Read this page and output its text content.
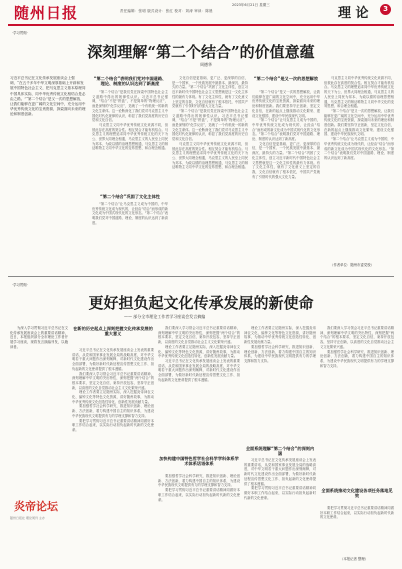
随州日报	2023年6月21日 星期三
责任编辑：张明 版式设计：张红 校对：刘涛 审读：陈晨	理 论	3
·学习贯彻·
深刻理解“第二个结合”的价值意蕴
周德华
习近平总书记在文化传承发展座谈会上强调，“在五千多年中华文明深厚基础上开辟和发展中国特色社会主义，把马克思主义基本原理同中国具体实际、同中华优秀传统文化相结合是必由之路。”“第二个结合”是又一次的思想解放，让我们能够在更广阔的文化空间中，充分运用中华优秀传统文化的宝贵资源，探索面向未来的理论和制度创新。
“第二个结合”表明我们党对中国道路、理论、制度的认识达到了新高度

“第二个结合”是我们党在探索中国特色社会主义道路中得出的规律性认识。习近平总书记强调，“结合”不是“拼盘”，不是简单的“物理反应”，而是深刻的“化学反应”，造就了一个有机统一的新的文化生命体。这一论断深化了我们党对马克思主义中国化时代化规律的认识，彰显了我们党高度的历史自觉和文化自信。

马克思主义同中华优秀传统文化来源不同，但彼此存在高度的契合性。相互契合才能有机结合。马克思主义的理想追求同中华优秀传统文化的天下为公、世界大同理念相通，马克思主义的人民至上同民为邦本、为政以德的治理思想相通，马克思主义的辩证唯物主义同中华文化的变易思想、和合理念相通。

“第二个结合”巩固了文化主体性

“第二个结合”让马克思主义成为中国的，中华优秀传统文化成为现代的，让经由“结合”而形成的新文化成为中国式现代化的文化形态。“第二个结合”表明我们党对中国道路、理论、制度的认识达到了新高度。

文化自信是更基础、更广泛、更深厚的自信，是一个国家、一个民族发展中最基本、最深沉、最持久的力量。“第二个结合”巩固了文化主体性，创立习近平新时代中国特色社会主义思想就是这一文化主体性的最有力体现。有了文化主体性，就有了文化意义上坚定的自我，文化自信就有了根本依托，中国共产党就有了引领时代的强大文化力量。

“第二个结合”是我们党在探索中国特色社会主义道路中得出的规律性认识。习近平总书记强调，“结合”不是“拼盘”，不是简单的“物理反应”，而是深刻的“化学反应”，造就了一个有机统一的新的文化生命体。这一论断深化了我们党对马克思主义中国化时代化规律的认识，彰显了我们党高度的历史自觉和文化自信。

马克思主义同中华优秀传统文化来源不同，但彼此存在高度的契合性。相互契合才能有机结合。马克思主义的理想追求同中华优秀传统文化的天下为公、世界大同理念相通，马克思主义的人民至上同民为邦本、为政以德的治理思想相通，马克思主义的辩证唯物主义同中华文化的变易思想、和合理念相通。

“第二个结合”是又一次的思想解放

“第二个结合”是又一次的思想解放，让我们能够在更广阔的文化空间中，充分运用中华优秀传统文化的宝贵资源，探索面向未来的理论和制度创新。我们要坚持守正创新，坚定文化自信，在新的起点上继续推动文化繁荣、建设文化强国、建设中华民族现代文明。

“第二个结合”让马克思主义成为中国的，中华优秀传统文化成为现代的，让经由“结合”而形成的新文化成为中国式现代化的文化形态。“第二个结合”表明我们党对中国道路、理论、制度的认识达到了新高度。

文化自信是更基础、更广泛、更深厚的自信，是一个国家、一个民族发展中最基本、最深沉、最持久的力量。“第二个结合”巩固了文化主体性，创立习近平新时代中国特色社会主义思想就是这一文化主体性的最有力体现。有了文化主体性，就有了文化意义上坚定的自我，文化自信就有了根本依托，中国共产党就有了引领时代的强大文化力量。

马克思主义同中华优秀传统文化来源不同，但彼此存在高度的契合性。相互契合才能有机结合。马克思主义的理想追求同中华优秀传统文化的天下为公、世界大同理念相通，马克思主义的人民至上同民为邦本、为政以德的治理思想相通，马克思主义的辩证唯物主义同中华文化的变易思想、和合理念相通。

“第二个结合”是又一次的思想解放，让我们能够在更广阔的文化空间中，充分运用中华优秀传统文化的宝贵资源，探索面向未来的理论和制度创新。我们要坚持守正创新，坚定文化自信，在新的起点上继续推动文化繁荣、建设文化强国、建设中华民族现代文明。

“第二个结合”让马克思主义成为中国的，中华优秀传统文化成为现代的，让经由“结合”而形成的新文化成为中国式现代化的文化形态。“第二个结合”表明我们党对中国道路、理论、制度的认识达到了新高度。

（作者单位：随州市委党校）
·学习贯彻·
更好担负起文化传承发展的新使命
—— 部分全市理论工作者学习座谈会发言摘编

为深入学习贯彻习近平总书记在文化传承发展座谈会上的重要讲话精神，近日，本报组织部分全市理论工作者开展学习座谈，现将发言摘编刊发，以飨读者。

炎帝论坛
随州日报社 理论周刊 主办
在新的历史起点上深刻把握文化传承发展的重大意义

习近平总书记在文化传承发展座谈会上发表的重要讲话，从党和国家事业发展全局的战略高度，对中华文明若干重大问题作出深刻阐释，对新时代文化建设作出全面部署，为做好新时代新征程宣传思想文化工作、担负起新的文化使命提供了根本遵循。

我们要深入学习领会习近平总书记重要讲话精神，深刻理解中华文明的突出特性，深刻把握“两个结合”的根本要求，坚定文化自信，秉持开放包容，坚持守正创新，以高度的文化自觉推动社会主义文化繁荣兴盛。

理论工作者要立足随州实际，深入挖掘炎帝神农文化、编钟文化等特色文化资源，讲好随州故事，为推动中华优秀传统文化创造性转化、创新性发展贡献力量。

要加强哲学社会科学研究，推进知识创新、理论创新、方法创新，着力构建中国自主的知识体系，为建设中华民族现代文明提供有力的学理支撑和智力支持。

要把学习贯彻习近平总书记重要讲话精神同做好本职工作结合起来，以实际行动担负起新时代新的文化使命。

我们要深入学习领会习近平总书记重要讲话精神，深刻理解中华文明的突出特性，深刻把握“两个结合”的根本要求，坚定文化自信，秉持开放包容，坚持守正创新，以高度的文化自觉推动社会主义文化繁荣兴盛。

理论工作者要立足随州实际，深入挖掘炎帝神农文化、编钟文化等特色文化资源，讲好随州故事，为推动中华优秀传统文化创造性转化、创新性发展贡献力量。

习近平总书记在文化传承发展座谈会上发表的重要讲话，从党和国家事业发展全局的战略高度，对中华文明若干重大问题作出深刻阐释，对新时代文化建设作出全面部署，为做好新时代新征程宣传思想文化工作、担负起新的文化使命提供了根本遵循。

加快构建中国特色哲学社会科学学科体系学术体系话语体系

要加强哲学社会科学研究，推进知识创新、理论创新、方法创新，着力构建中国自主的知识体系，为建设中华民族现代文明提供有力的学理支撑和智力支持。

要把学习贯彻习近平总书记重要讲话精神同做好本职工作结合起来，以实际行动担负起新时代新的文化使命。

理论工作者要立足随州实际，深入挖掘炎帝神农文化、编钟文化等特色文化资源，讲好随州故事，为推动中华优秀传统文化创造性转化、创新性发展贡献力量。

要加强哲学社会科学研究，推进知识创新、理论创新、方法创新，着力构建中国自主的知识体系，为建设中华民族现代文明提供有力的学理支撑和智力支持。

全面系统理解“第二个结合”的深刻内涵

习近平总书记在文化传承发展座谈会上发表的重要讲话，从党和国家事业发展全局的战略高度，对中华文明若干重大问题作出深刻阐释，对新时代文化建设作出全面部署，为做好新时代新征程宣传思想文化工作、担负起新的文化使命提供了根本遵循。

要把学习贯彻习近平总书记重要讲话精神同做好本职工作结合起来，以实际行动担负起新时代新的文化使命。

我们要深入学习领会习近平总书记重要讲话精神，深刻理解中华文明的突出特性，深刻把握“两个结合”的根本要求，坚定文化自信，秉持开放包容，坚持守正创新，以高度的文化自觉推动社会主义文化繁荣兴盛。

要加强哲学社会科学研究，推进知识创新、理论创新、方法创新，着力构建中国自主的知识体系，为建设中华民族现代文明提供有力的学理支撑和智力支持。

全面系统推动文化建设各项任务落地见效

要把学习贯彻习近平总书记重要讲话精神同做好本职工作结合起来，以实际行动担负起新时代新的文化使命。

（本报记者 整理）
